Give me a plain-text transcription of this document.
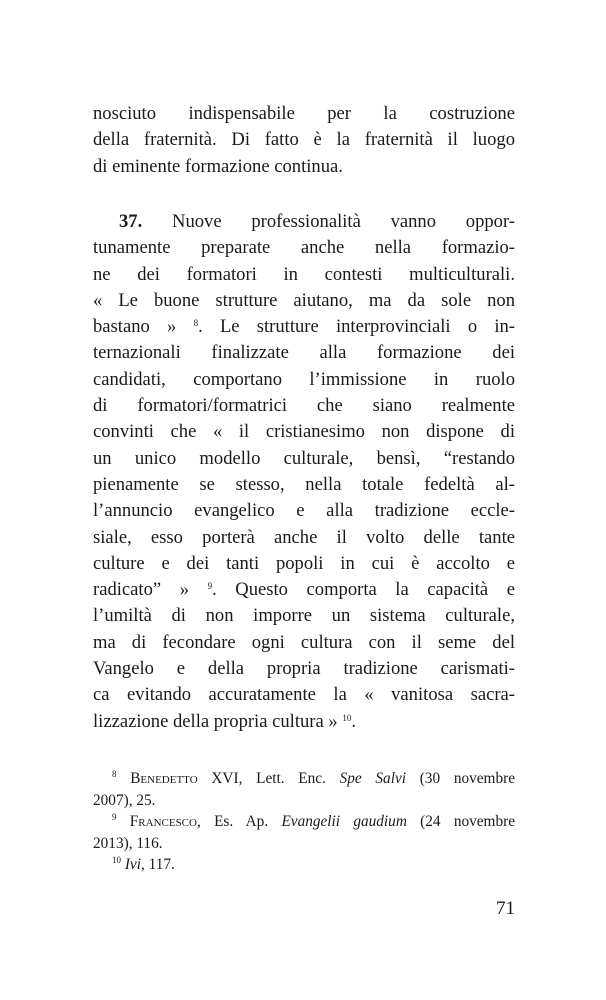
nosciuto indispensabile per la costruzione
della fraternità. Di fatto è la fraternità il luogo
di eminente formazione continua.
37. Nuove professionalità vanno oppor-
tunamente preparate anche nella formazio-
ne dei formatori in contesti multiculturali.
« Le buone strutture aiutano, ma da sole non
bastano » $^8$. Le strutture interprovinciali o in-
ternazionali finalizzate alla formazione dei
candidati, comportano l’immissione in ruolo
di formatori/formatrici che siano realmente
convinti che « il cristianesimo non dispone di
un unico modello culturale, bensì, “restando
pienamente se stesso, nella totale fedeltà al-
l’annuncio evangelico e alla tradizione eccle-
siale, esso porterà anche il volto delle tante
culture e dei tanti popoli in cui è accolto e
radicato” » $^9$. Questo comporta la capacità e
l’umiltà di non imporre un sistema culturale,
ma di fecondare ogni cultura con il seme del
Vangelo e della propria tradizione carismati-
ca evitando accuratamente la « vanitosa sacra-
lizzazione della propria cultura » $^{10}$.
$^8$ Benedetto XVI, Lett. Enc. Spe Salvi (30 novembre
2007), 25.
$^9$ Francesco, Es. Ap. Evangelii gaudium (24 novembre
2013), 116.
$^{10}$ Ivi, 117.
71
